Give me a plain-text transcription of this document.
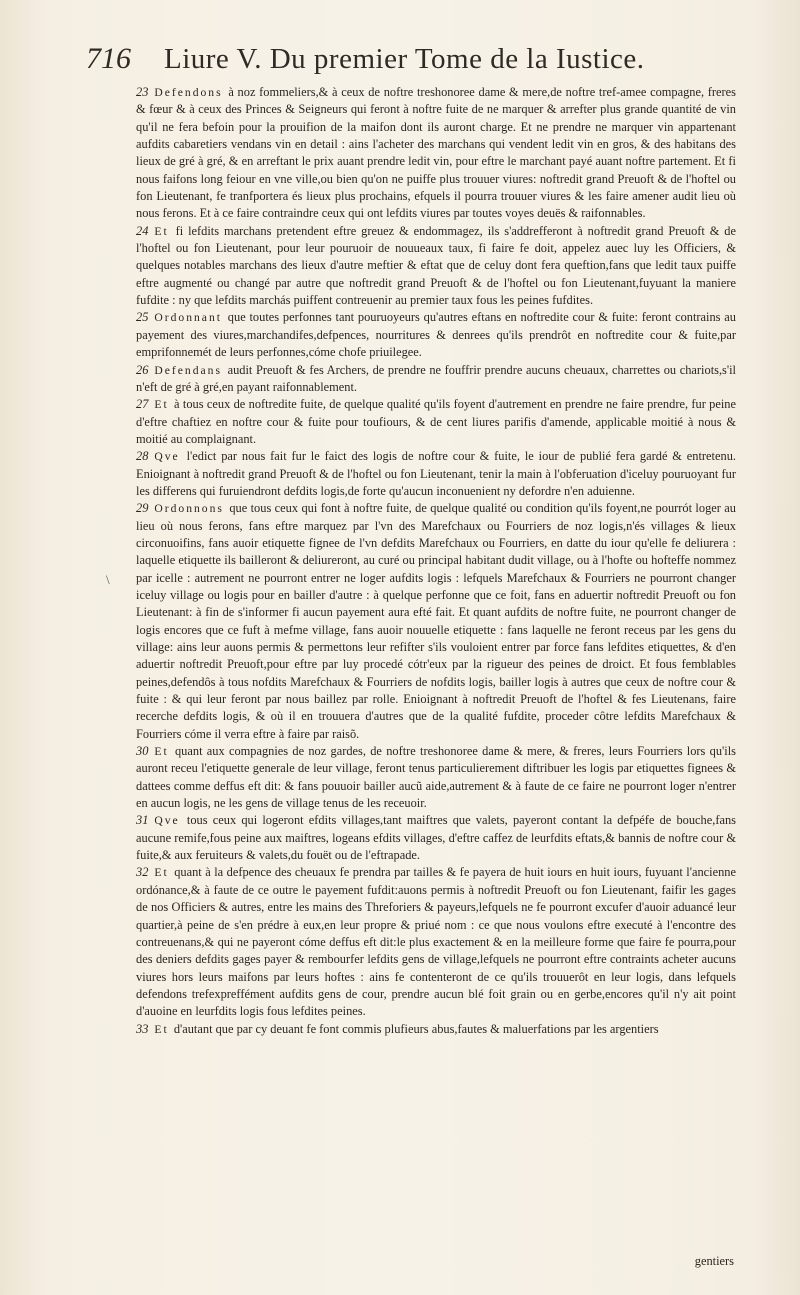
716	Liure V. Du premier Tome de la Iustice.
\

23 Defendons à noz fommeliers,& à ceux de noftre treshonoree dame & mere,de noftre tref-amee compagne, freres & fœur & à ceux des Princes & Seigneurs qui feront à noftre fuite de ne marquer & arrefter plus grande quantité de vin qu'il ne fera befoin pour la prouifion de la maifon dont ils auront charge. Et ne prendre ne marquer vin appartenant aufdits cabaretiers vendans vin en detail : ains l'acheter des marchans qui vendent ledit vin en gros, & des habitans des lieux de gré à gré, & en arreftant le prix auant prendre ledit vin, pour eftre le marchant payé auant noftre partement. Et fi nous faifons long feiour en vne ville,ou bien qu'on ne puiffe plus trouuer viures: noftredit grand Preuoft & de l'hoftel ou fon Lieutenant, fe tranfportera és lieux plus prochains, efquels il pourra trouuer viures & les faire amener audit lieu où nous ferons. Et à ce faire contraindre ceux qui ont lefdits viures par toutes voyes deuës & raifonnables.

24 Et fi lefdits marchans pretendent eftre greuez & endommagez, ils s'addrefferont à noftredit grand Preuoft & de l'hoftel ou fon Lieutenant, pour leur pouruoir de nouueaux taux, fi faire fe doit, appelez auec luy les Officiers, & quelques notables marchans des lieux d'autre meftier & eftat que de celuy dont fera queftion,fans que ledit taux puiffe eftre augmenté ou changé par autre que noftredit grand Preuoft & de l'hoftel ou fon Lieutenant,fuyuant la maniere fufdite : ny que lefdits marchás puiffent contreuenir au premier taux fous les peines fufdites.

25 Ordonnant que toutes perfonnes tant pouruoyeurs qu'autres eftans en noftredite cour & fuite: feront contrains au payement des viures,marchandifes,defpences, nourritures & denrees qu'ils prendrôt en noftredite cour & fuite,par emprifonnemét de leurs perfonnes,cóme chofe priuilegee.

26 Defendans audit Preuoft & fes Archers, de prendre ne fouffrir prendre aucuns cheuaux, charrettes ou chariots,s'il n'eft de gré à gré,en payant raifonnablement.

27 Et à tous ceux de noftredite fuite, de quelque qualité qu'ils foyent d'autrement en prendre ne faire prendre, fur peine d'eftre chaftiez en noftre cour & fuite pour toufiours, & de cent liures parifis d'amende, applicable moitié à nous & moitié au complaignant.

28 Qve l'edict par nous fait fur le faict des logis de noftre cour & fuite, le iour de publié fera gardé & entretenu. Enioignant à noftredit grand Preuoft & de l'hoftel ou fon Lieutenant, tenir la main à l'obferuation d'iceluy pouruoyant fur les differens qui furuiendront defdits logis,de forte qu'aucun inconuenient ny defordre n'en aduienne.

29 Ordonnons que tous ceux qui font à noftre fuite, de quelque qualité ou condition qu'ils foyent,ne pourrót loger au lieu où nous ferons, fans eftre marquez par l'vn des Marefchaux ou Fourriers de noz logis,n'és villages & lieux circonuoifins, fans auoir etiquette fignee de l'vn defdits Marefchaux ou Fourriers, en datte du iour qu'elle fe deliurera : laquelle etiquette ils bailleront & deliureront, au curé ou principal habitant dudit village, ou à l'hofte ou hofteffe nommez par icelle : autrement ne pourront entrer ne loger aufdits logis : lefquels Marefchaux & Fourriers ne pourront changer iceluy village ou logis pour en bailler d'autre : à quelque perfonne que ce foit, fans en aduertir noftredit Preuoft ou fon Lieutenant: à fin de s'informer fi aucun payement aura efté fait. Et quant aufdits de noftre fuite, ne pourront changer de logis encores que ce fuft à mefme village, fans auoir nouuelle etiquette : fans laquelle ne feront receus par les gens du village: ains leur auons permis & permettons leur refifter s'ils vouloient entrer par force fans lefdites etiquettes, & d'en aduertir noftredit Preuoft,pour eftre par luy procedé cótr'eux par la rigueur des peines de droict. Et fous femblables peines,defendôs à tous nofdits Marefchaux & Fourriers de nofdits logis, bailler logis à autres que ceux de noftre cour & fuite : & qui leur feront par nous baillez par rolle. Enioignant à noftredit Preuoft de l'hoftel & fes Lieutenans, faire recerche defdits logis, & où il en trouuera d'autres que de la qualité fufdite, proceder côtre lefdits Marefchaux & Fourriers cóme il verra eftre à faire par raisõ.

30 Et quant aux compagnies de noz gardes, de noftre treshonoree dame & mere, & freres, leurs Fourriers lors qu'ils auront receu l'etiquette generale de leur village, feront tenus particulierement diftribuer les logis par etiquettes fignees & dattees comme deffus eft dit: & fans pouuoir bailler aucũ aide,autrement & à faute de ce faire ne pourront loger n'entrer en aucun logis, ne les gens de village tenus de les receuoir.

31 Qve tous ceux qui logeront efdits villages,tant maiftres que valets, payeront contant la defpéfe de bouche,fans aucune remife,fous peine aux maiftres, logeans efdits villages, d'eftre caffez de leurfdits eftats,& bannis de noftre cour & fuite,& aux feruiteurs & valets,du fouët ou de l'eftrapade.

32 Et quant à la defpence des cheuaux fe prendra par tailles & fe payera de huit iours en huit iours, fuyuant l'ancienne ordónance,& à faute de ce outre le payement fufdit:auons permis à noftredit Preuoft ou fon Lieutenant, faifir les gages de nos Officiers & autres, entre les mains des Threforiers & payeurs,lefquels ne fe pourront excufer d'auoir aduancé leur quartier,à peine de s'en prédre à eux,en leur propre & priué nom : ce que nous voulons eftre executé à l'encontre des contreuenans,& qui ne payeront cóme deffus eft dit:le plus exactement & en la meilleure forme que faire fe pourra,pour des deniers defdits gages payer & rembourfer lefdits gens de village,lefquels ne pourront eftre contraints acheter aucuns viures hors leurs maifons par leurs hoftes : ains fe contenteront de ce qu'ils trouuerôt en leur logis, dans lefquels defendons trefexpreffément aufdits gens de cour, prendre aucun blé foit grain ou en gerbe,encores qu'il n'y ait point d'auoine en leurfdits logis fous lefdites peines.

33 Et d'autant que par cy deuant fe font commis plufieurs abus,fautes & maluerfations par les argentiers

gentiers
